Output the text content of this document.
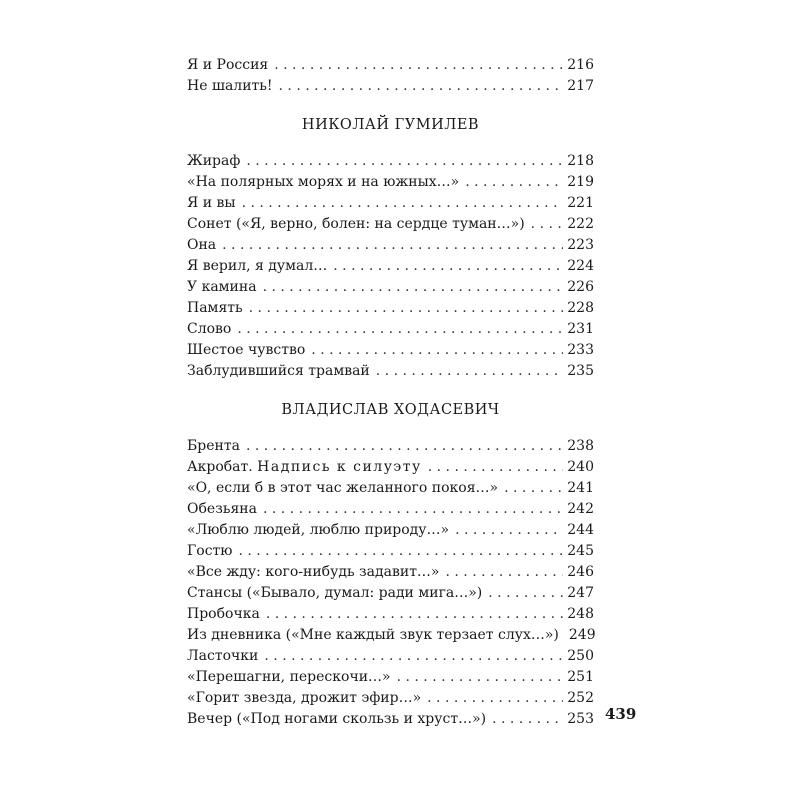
Я и Россия . . .	216
Не шалить! . . .	217
НИКОЛАЙ ГУМИЛЕВ
Жираф . . .	218
«На полярных морях и на южных…» . . .	219
Я и вы . . .	221
Сонет («Я, верно, болен: на сердце туман…») . . .	222
Она . . .	223
Я верил, я думал… . . .	224
У камина . . .	226
Память . . .	228
Слово . . .	231
Шестое чувство . . .	233
Заблудившийся трамвай . . .	235
ВЛАДИСЛАВ ХОДАСЕВИЧ
Брента . . .	238
Акробат. Надпись к силуэту . . .	240
«О, если б в этот час желанного покоя…» . . .	241
Обезьяна . . .	242
«Люблю людей, люблю природу…» . . .	244
Гостю . . .	245
«Все жду: кого-нибудь задавит…» . . .	246
Стансы («Бывало, думал: ради мига…») . . .	247
Пробочка . . .	248
Из дневника («Мне каждый звук терзает слух…») 249
Ласточки . . .	250
«Перешагни, перескочи…» . . .	251
«Горит звезда, дрожит эфир…» . . .	252
Вечер («Под ногами скользь и хруст…») . . .	253 439
